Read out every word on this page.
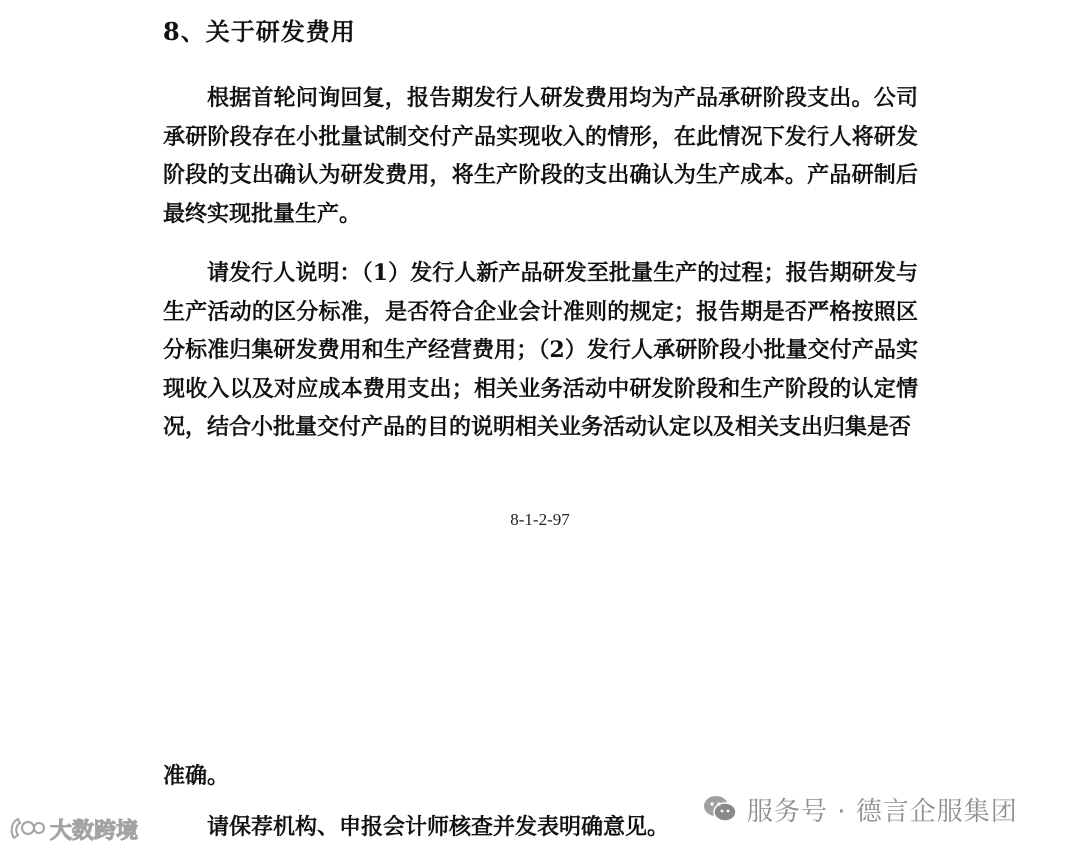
8、关于研发费用

根据首轮问询回复，报告期发行人研发费用均为产品承研阶段支出。公司承研阶段存在小批量试制交付产品实现收入的情形，在此情况下发行人将研发阶段的支出确认为研发费用，将生产阶段的支出确认为生产成本。产品研制后最终实现批量生产。

请发行人说明：（1）发行人新产品研发至批量生产的过程；报告期研发与生产活动的区分标准，是否符合企业会计准则的规定；报告期是否严格按照区分标准归集研发费用和生产经营费用；（2）发行人承研阶段小批量交付产品实现收入以及对应成本费用支出；相关业务活动中研发阶段和生产阶段的认定情况，结合小批量交付产品的目的说明相关业务活动认定以及相关支出归集是否

8-1-2-97
准确。
请保荐机构、申报会计师核查并发表明确意见。
服务号 · 德言企服集团
大数跨境
